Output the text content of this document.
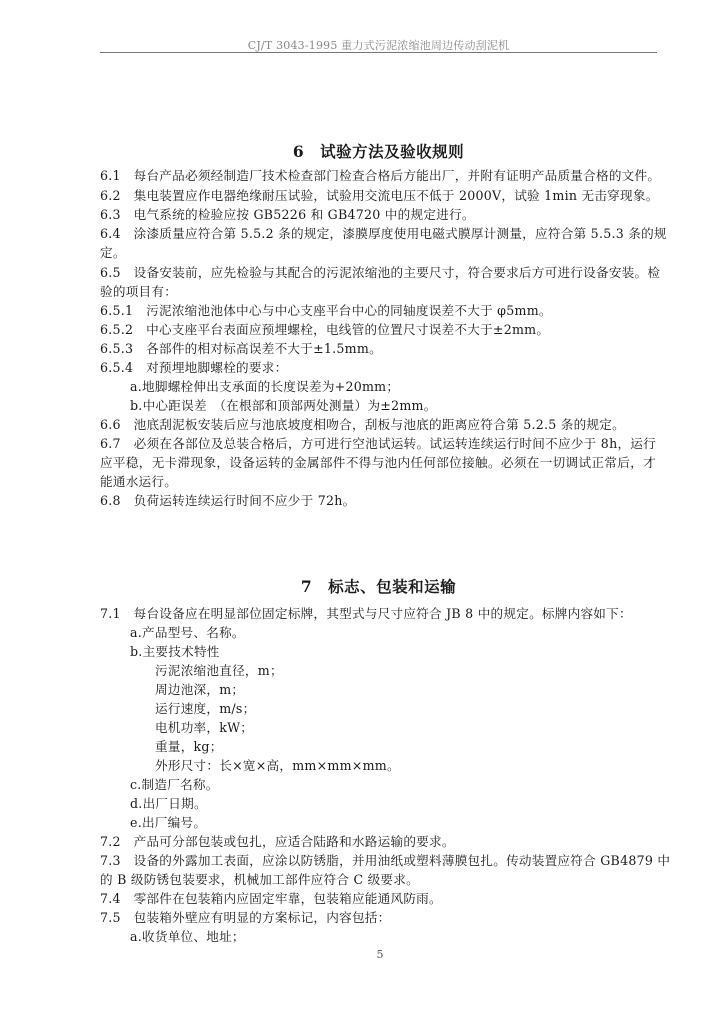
CJ/T 3043-1995 重力式污泥浓缩池周边传动刮泥机
6 试验方法及验收规则
6.1　每台产品必须经制造厂技术检查部门检查合格后方能出厂，并附有证明产品质量合格的文件。
6.2　集电装置应作电器绝缘耐压试验，试验用交流电压不低于 2000V，试验 1min 无击穿现象。
6.3　电气系统的检验应按 GB5226 和 GB4720 中的规定进行。
6.4　涂漆质量应符合第 5.5.2 条的规定，漆膜厚度使用电磁式膜厚计测量，应符合第 5.5.3 条的规
定。
6.5　设备安装前，应先检验与其配合的污泥浓缩池的主要尺寸，符合要求后方可进行设备安装。检
验的项目有：
6.5.1　污泥浓缩池池体中心与中心支座平台中心的同轴度误差不大于 φ5mm。
6.5.2　中心支座平台表面应预埋螺栓，电线管的位置尺寸误差不大于±2mm。
6.5.3　各部件的相对标高误差不大于±1.5mm。
6.5.4　对预埋地脚螺栓的要求：
a.地脚螺栓伸出支承面的长度误差为+20mm；
b.中心距误差　（在根部和顶部两处测量）为±2mm。
6.6　池底刮泥板安装后应与池底坡度相吻合，刮板与池底的距离应符合第 5.2.5 条的规定。
6.7　必须在各部位及总装合格后，方可进行空池试运转。试运转连续运行时间不应少于 8h，运行
应平稳，无卡滞现象，设备运转的金属部件不得与池内任何部位接触。必须在一切调试正常后，才
能通水运行。
6.8　负荷运转连续运行时间不应少于 72h。
7 标志、包装和运输
7.1　每台设备应在明显部位固定标牌，其型式与尺寸应符合 JB 8 中的规定。标牌内容如下：
a.产品型号、名称。
b.主要技术特性
污泥浓缩池直径，m；
周边池深，m；
运行速度，m/s；
电机功率，kW；
重量，kg；
外形尺寸：长×宽×高，mm×mm×mm。
c.制造厂名称。
d.出厂日期。
e.出厂编号。
7.2　产品可分部包装或包扎，应适合陆路和水路运输的要求。
7.3　设备的外露加工表面，应涂以防锈脂，并用油纸或塑料薄膜包扎。传动装置应符合 GB4879 中
的 B 级防锈包装要求，机械加工部件应符合 C 级要求。
7.4　零部件在包装箱内应固定牢靠，包装箱应能通风防雨。
7.5　包装箱外壁应有明显的方案标记，内容包括：
a.收货单位、地址；
5
